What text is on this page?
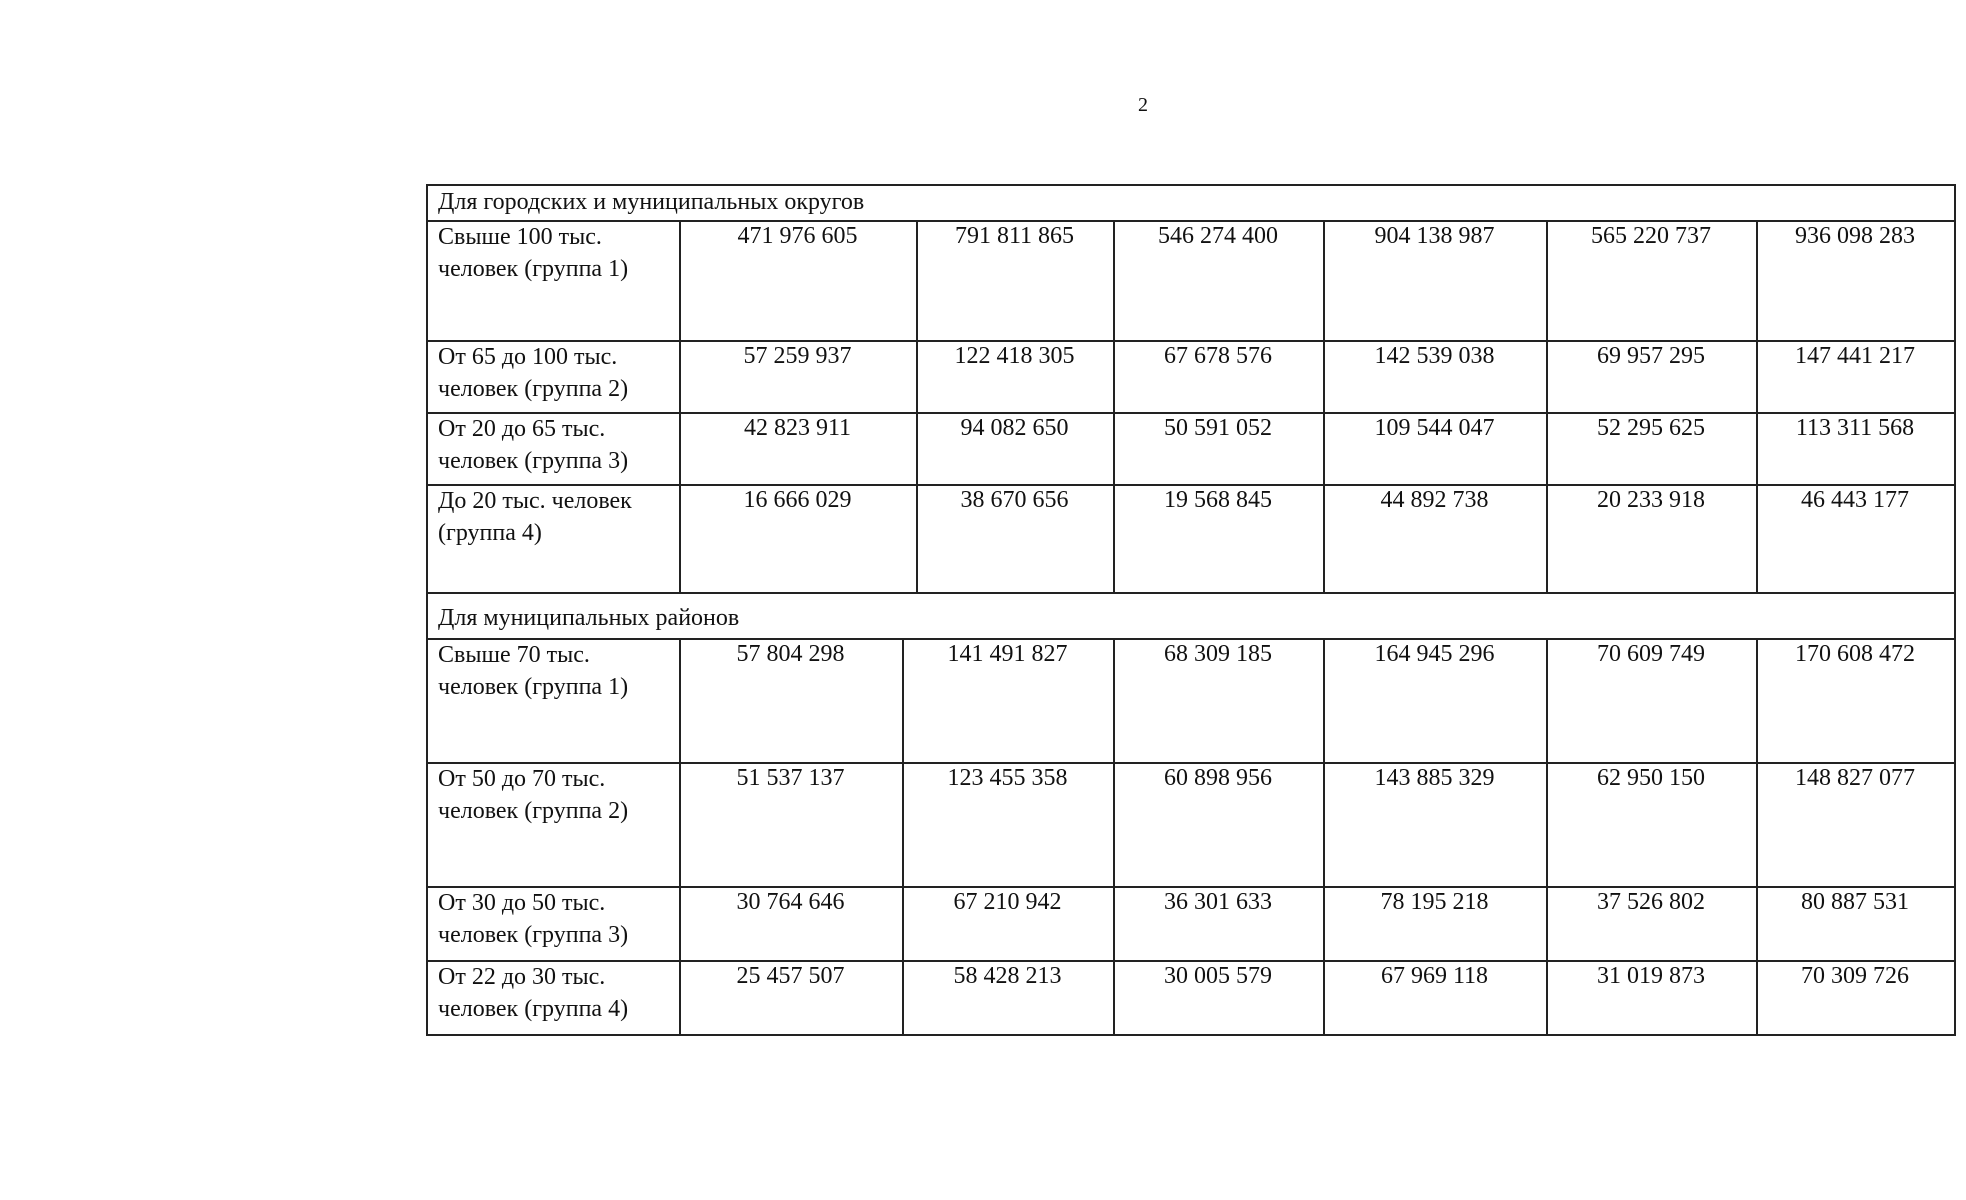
2
Для городских и муниципальных округов
Свыше 100 тыс.
человек (группа 1)
471 976 605	791 811 865	546 274 400	904 138 987	565 220 737	936 098 283
От 65 до 100 тыс.
человек (группа 2)
57 259 937	122 418 305	67 678 576	142 539 038	69 957 295	147 441 217
От 20 до 65 тыс.
человек (группа 3)
42 823 911	94 082 650	50 591 052	109 544 047	52 295 625	113 311 568
До 20 тыс. человек
(группа 4)
16 666 029	38 670 656	19 568 845	44 892 738	20 233 918	46 443 177
Для муниципальных районов
Свыше 70 тыс.
человек (группа 1)
57 804 298	141 491 827	68 309 185	164 945 296	70 609 749	170 608 472
От 50 до 70 тыс.
человек (группа 2)
51 537 137	123 455 358	60 898 956	143 885 329	62 950 150	148 827 077
От 30 до 50 тыс.
человек (группа 3)
30 764 646	67 210 942	36 301 633	78 195 218	37 526 802	80 887 531
От 22 до 30 тыс.
человек (группа 4)
25 457 507	58 428 213	30 005 579	67 969 118	31 019 873	70 309 726
